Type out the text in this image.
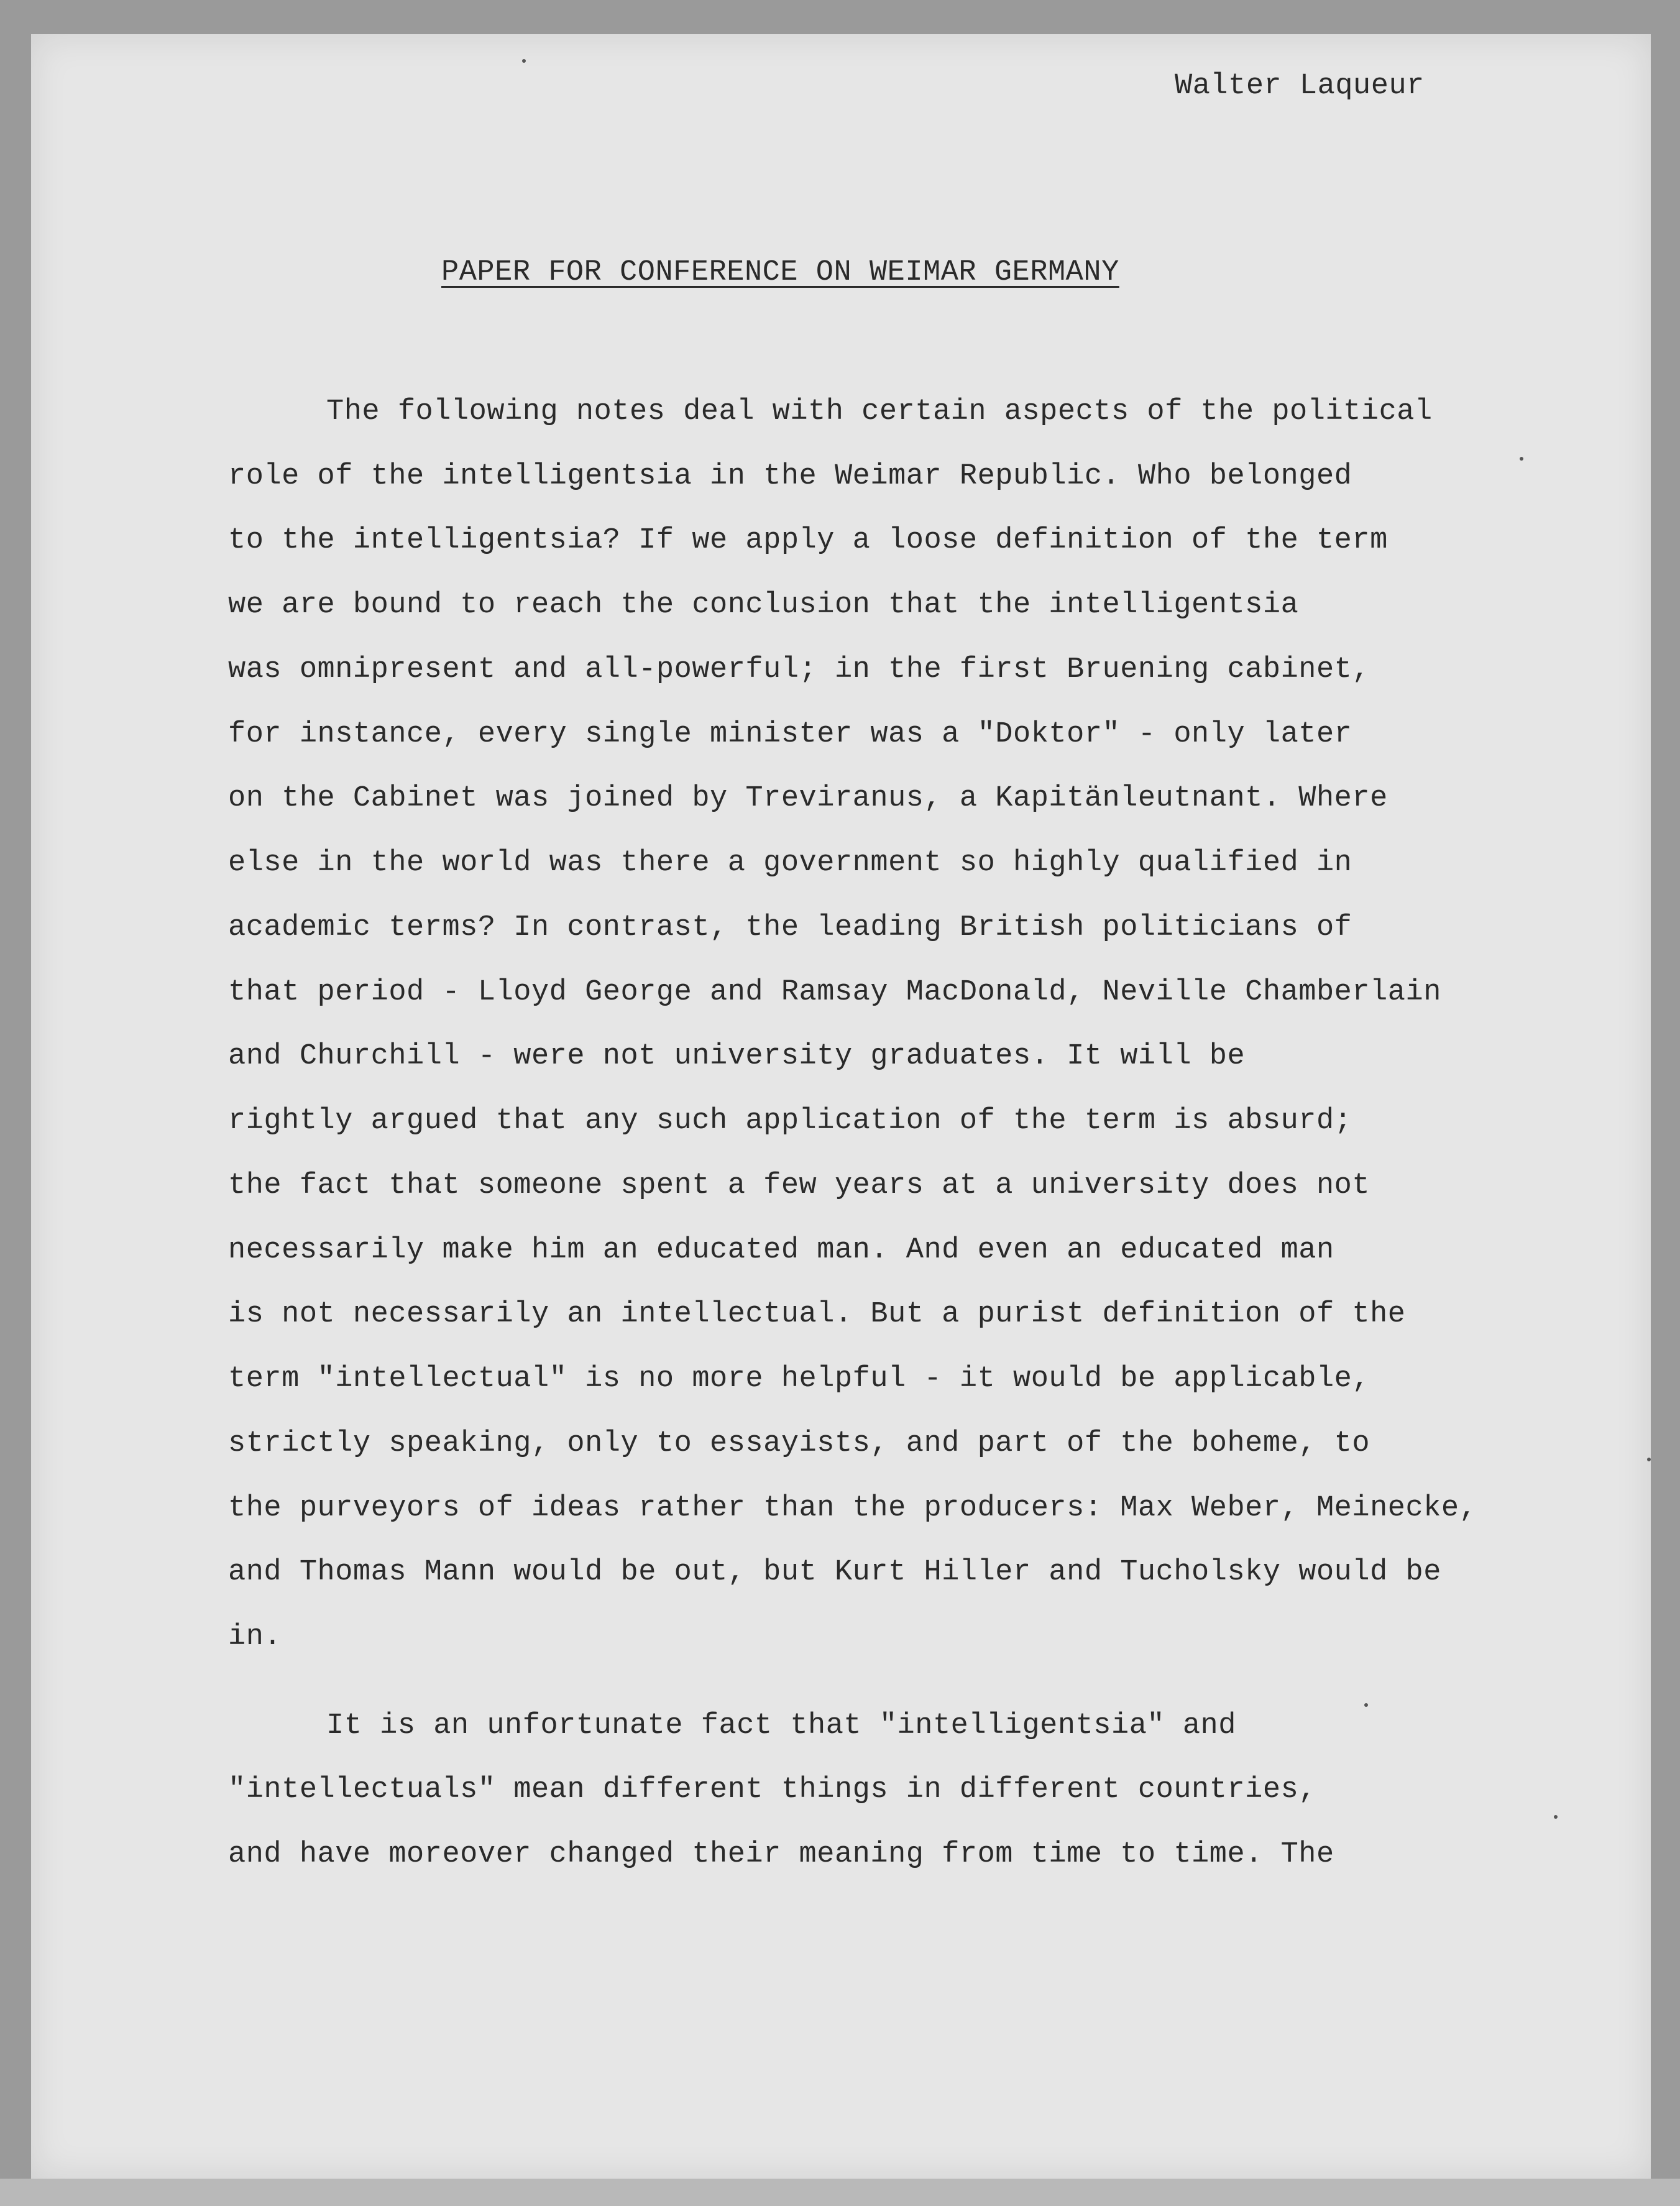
Walter Laqueur
PAPER FOR CONFERENCE ON WEIMAR GERMANY
The following notes deal with certain aspects of the political
role of the intelligentsia in the Weimar Republic. Who belonged
to the intelligentsia? If we apply a loose definition of the term
we are bound to reach the conclusion that the intelligentsia
was omnipresent and all-powerful; in the first Bruening cabinet,
for instance, every single minister was a "Doktor" - only later
on the Cabinet was joined by Treviranus, a Kapitänleutnant. Where
else in the world was there a government so highly qualified in
academic terms? In contrast, the leading British politicians of
that period - Lloyd George and Ramsay MacDonald, Neville Chamberlain
and Churchill - were not university graduates. It will be
rightly argued that any such application of the term is absurd;
the fact that someone spent a few years at a university does not
necessarily make him an educated man. And even an educated man
is not necessarily an intellectual. But a purist definition of the
term "intellectual" is no more helpful - it would be applicable,
strictly speaking, only to essayists, and part of the boheme, to
the purveyors of ideas rather than the producers: Max Weber, Meinecke,
and Thomas Mann would be out, but Kurt Hiller and Tucholsky would be
in.
It is an unfortunate fact that "intelligentsia" and
"intellectuals" mean different things in different countries,
and have moreover changed their meaning from time to time. The
